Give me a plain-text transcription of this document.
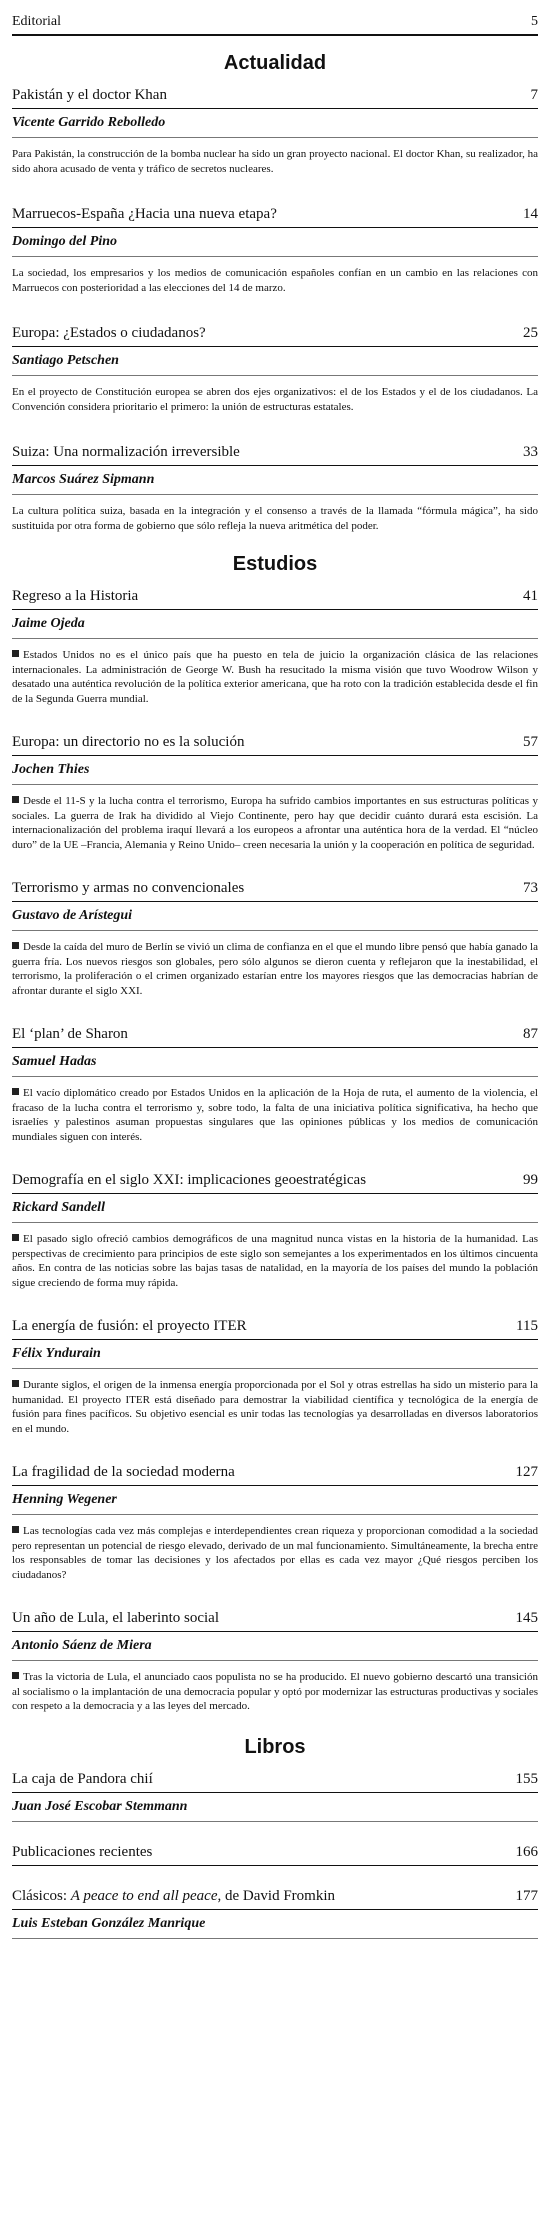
Editorial	5
Actualidad
Pakistán y el doctor Khan	7
Vicente Garrido Rebolledo
Para Pakistán, la construcción de la bomba nuclear ha sido un gran proyecto nacional. El doctor Khan, su realizador, ha sido ahora acusado de venta y tráfico de secretos nucleares.
Marruecos-España ¿Hacia una nueva etapa?	14
Domingo del Pino
La sociedad, los empresarios y los medios de comunicación españoles confían en un cambio en las relaciones con Marruecos con posterioridad a las elecciones del 14 de marzo.
Europa: ¿Estados o ciudadanos?	25
Santiago Petschen
En el proyecto de Constitución europea se abren dos ejes organizativos: el de los Estados y el de los ciudadanos. La Convención considera prioritario el primero: la unión de estructuras estatales.
Suiza: Una normalización irreversible	33
Marcos Suárez Sipmann
La cultura política suiza, basada en la integración y el consenso a través de la llamada “fórmula mágica”, ha sido sustituida por otra forma de gobierno que sólo refleja la nueva aritmética del poder.
Estudios
Regreso a la Historia	41
Jaime Ojeda
Estados Unidos no es el único país que ha puesto en tela de juicio la organización clásica de las relaciones internacionales. La administración de George W. Bush ha resucitado la misma visión que tuvo Woodrow Wilson y desatado una auténtica revolución de la política exterior americana, que ha roto con la tradición establecida desde el fin de la Segunda Guerra mundial.
Europa: un directorio no es la solución	57
Jochen Thies
Desde el 11-S y la lucha contra el terrorismo, Europa ha sufrido cambios importantes en sus estructuras políticas y sociales. La guerra de Irak ha dividido al Viejo Continente, pero hay que decidir cuánto durará esta escisión. La internacionalización del problema iraquí llevará a los europeos a afrontar una auténtica hora de la verdad. El “núcleo duro” de la UE –Francia, Alemania y Reino Unido– creen necesaria la unión y la cooperación en política de seguridad.
Terrorismo y armas no convencionales	73
Gustavo de Arístegui
Desde la caída del muro de Berlín se vivió un clima de confianza en el que el mundo libre pensó que había ganado la guerra fría. Los nuevos riesgos son globales, pero sólo algunos se dieron cuenta y reflejaron que la inestabilidad, el terrorismo, la proliferación o el crimen organizado estarían entre los mayores riesgos que las democracias habrían de afrontar durante el siglo XXI.
El ‘plan’ de Sharon	87
Samuel Hadas
El vacío diplomático creado por Estados Unidos en la aplicación de la Hoja de ruta, el aumento de la violencia, el fracaso de la lucha contra el terrorismo y, sobre todo, la falta de una iniciativa política significativa, ha hecho que israelíes y palestinos asuman propuestas singulares que las opiniones públicas y los medios de comunicación mundiales siguen con interés.
Demografía en el siglo XXI: implicaciones geoestratégicas	99
Rickard Sandell
El pasado siglo ofreció cambios demográficos de una magnitud nunca vistas en la historia de la humanidad. Las perspectivas de crecimiento para principios de este siglo son semejantes a los experimentados en los últimos cincuenta años. En contra de las noticias sobre las bajas tasas de natalidad, en la mayoría de los países del mundo la población sigue creciendo de forma muy rápida.
La energía de fusión: el proyecto ITER	115
Félix Yndurain
Durante siglos, el origen de la inmensa energía proporcionada por el Sol y otras estrellas ha sido un misterio para la humanidad. El proyecto ITER está diseñado para demostrar la viabilidad científica y tecnológica de la energía de fusión para fines pacíficos. Su objetivo esencial es unir todas las tecnologías ya desarrolladas en diversos laboratorios en el mundo.
La fragilidad de la sociedad moderna	127
Henning Wegener
Las tecnologías cada vez más complejas e interdependientes crean riqueza y proporcionan comodidad a la sociedad pero representan un potencial de riesgo elevado, derivado de un mal funcionamiento. Simultáneamente, la brecha entre los responsables de tomar las decisiones y los afectados por ellas es cada vez mayor ¿Qué riesgos perciben los ciudadanos?
Un año de Lula, el laberinto social	145
Antonio Sáenz de Miera
Tras la victoria de Lula, el anunciado caos populista no se ha producido. El nuevo gobierno descartó una transición al socialismo o la implantación de una democracia popular y optó por modernizar las estructuras productivas y sociales con respeto a la democracia y a las leyes del mercado.
Libros
La caja de Pandora chií	155
Juan José Escobar Stemmann
Publicaciones recientes	166
Clásicos: A peace to end all peace, de David Fromkin	177
Luis Esteban González Manrique
